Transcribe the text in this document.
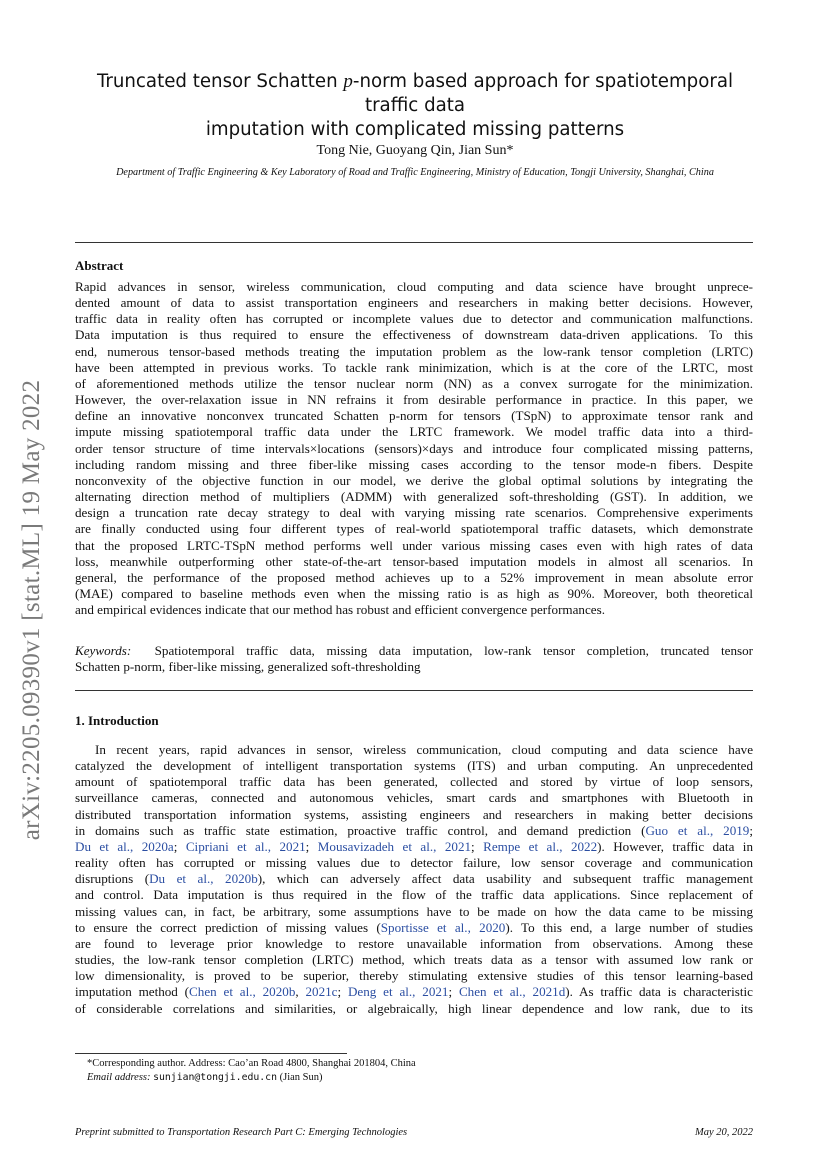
arXiv:2205.09390v1 [stat.ML] 19 May 2022
Truncated tensor Schatten p-norm based approach for spatiotemporal traffic data
imputation with complicated missing patterns
Tong Nie, Guoyang Qin, Jian Sun*
Department of Traffic Engineering & Key Laboratory of Road and Traffic Engineering, Ministry of Education, Tongji University, Shanghai, China
Abstract
Rapid advances in sensor, wireless communication, cloud computing and data science have brought unprece-
dented amount of data to assist transportation engineers and researchers in making better decisions. However,
traffic data in reality often has corrupted or incomplete values due to detector and communication malfunctions.
Data imputation is thus required to ensure the effectiveness of downstream data-driven applications. To this
end, numerous tensor-based methods treating the imputation problem as the low-rank tensor completion (LRTC)
have been attempted in previous works. To tackle rank minimization, which is at the core of the LRTC, most
of aforementioned methods utilize the tensor nuclear norm (NN) as a convex surrogate for the minimization.
However, the over-relaxation issue in NN refrains it from desirable performance in practice. In this paper, we
define an innovative nonconvex truncated Schatten p-norm for tensors (TSpN) to approximate tensor rank and
impute missing spatiotemporal traffic data under the LRTC framework. We model traffic data into a third-
order tensor structure of time intervals×locations (sensors)×days and introduce four complicated missing patterns,
including random missing and three fiber-like missing cases according to the tensor mode-n fibers. Despite
nonconvexity of the objective function in our model, we derive the global optimal solutions by integrating the
alternating direction method of multipliers (ADMM) with generalized soft-thresholding (GST). In addition, we
design a truncation rate decay strategy to deal with varying missing rate scenarios. Comprehensive experiments
are finally conducted using four different types of real-world spatiotemporal traffic datasets, which demonstrate
that the proposed LRTC-TSpN method performs well under various missing cases even with high rates of data
loss, meanwhile outperforming other state-of-the-art tensor-based imputation models in almost all scenarios. In
general, the performance of the proposed method achieves up to a 52% improvement in mean absolute error
(MAE) compared to baseline methods even when the missing ratio is as high as 90%. Moreover, both theoretical
and empirical evidences indicate that our method has robust and efficient convergence performances.
Keywords: Spatiotemporal traffic data, missing data imputation, low-rank tensor completion, truncated tensor
Schatten p-norm, fiber-like missing, generalized soft-thresholding
1. Introduction
In recent years, rapid advances in sensor, wireless communication, cloud computing and data science have
catalyzed the development of intelligent transportation systems (ITS) and urban computing. An unprecedented
amount of spatiotemporal traffic data has been generated, collected and stored by virtue of loop sensors,
surveillance cameras, connected and autonomous vehicles, smart cards and smartphones with Bluetooth in
distributed transportation information systems, assisting engineers and researchers in making better decisions
in domains such as traffic state estimation, proactive traffic control, and demand prediction (Guo et al., 2019;
Du et al., 2020a; Cipriani et al., 2021; Mousavizadeh et al., 2021; Rempe et al., 2022). However, traffic data in
reality often has corrupted or missing values due to detector failure, low sensor coverage and communication
disruptions (Du et al., 2020b), which can adversely affect data usability and subsequent traffic management
and control. Data imputation is thus required in the flow of the traffic data applications. Since replacement of
missing values can, in fact, be arbitrary, some assumptions have to be made on how the data came to be missing
to ensure the correct prediction of missing values (Sportisse et al., 2020). To this end, a large number of studies
are found to leverage prior knowledge to restore unavailable information from observations. Among these
studies, the low-rank tensor completion (LRTC) method, which treats data as a tensor with assumed low rank or
low dimensionality, is proved to be superior, thereby stimulating extensive studies of this tensor learning-based
imputation method (Chen et al., 2020b, 2021c; Deng et al., 2021; Chen et al., 2021d). As traffic data is characteristic
of considerable correlations and similarities, or algebraically, high linear dependence and low rank, due to its
*Corresponding author. Address: Cao’an Road 4800, Shanghai 201804, China
Email address: sunjian@tongji.edu.cn (Jian Sun)
Preprint submitted to Transportation Research Part C: Emerging Technologies	May 20, 2022
